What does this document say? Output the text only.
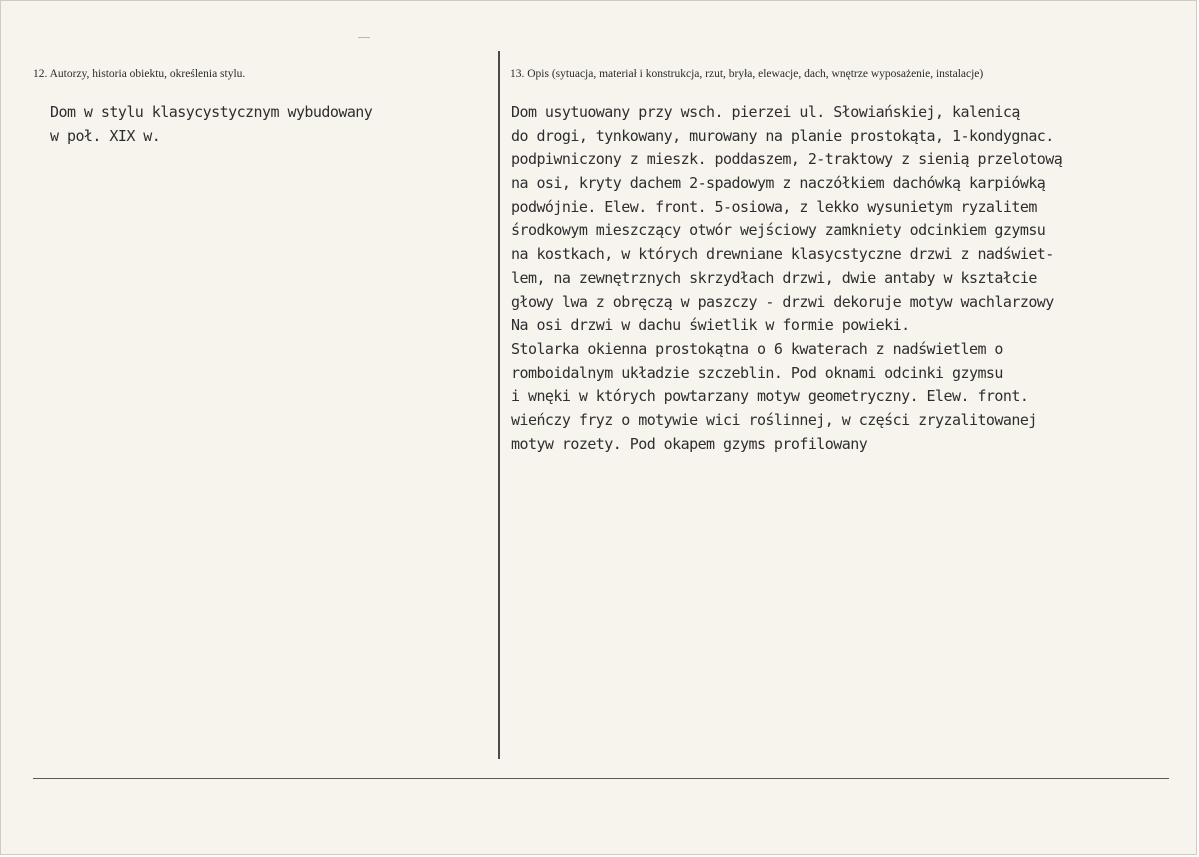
12. Autorzy, historia obiektu, określenia stylu.	13. Opis (sytuacja, materiał i konstrukcja, rzut, bryła, elewacje, dach, wnętrze wyposażenie, instalacje)
Dom w stylu klasycystycznym wybudowany
w poł. XIX w.
Dom usytuowany przy wsch. pierzei ul. Słowiańskiej, kalenicą
do drogi, tynkowany, murowany na planie prostokąta, 1-kondygnac.
podpiwniczony z mieszk. poddaszem, 2-traktowy z sienią przelotową
na osi, kryty dachem 2-spadowym z naczółkiem dachówką karpiówką
podwójnie. Elew. front. 5-osiowa, z lekko wysunietym ryzalitem
środkowym mieszczący otwór wejściowy zamkniety odcinkiem gzymsu
na kostkach, w których drewniane klasycstyczne drzwi z nadświet-
lem, na zewnętrznych skrzydłach drzwi, dwie antaby w kształcie
głowy lwa z obręczą w paszczy - drzwi dekoruje motyw wachlarzowy
Na osi drzwi w dachu świetlik w formie powieki.
Stolarka okienna prostokątna o 6 kwaterach z nadświetlem o
romboidalnym układzie szczeblin. Pod oknami odcinki gzymsu
i wnęki w których powtarzany motyw geometryczny. Elew. front.
wieńczy fryz o motywie wici roślinnej, w części zryzalitowanej
motyw rozety. Pod okapem gzyms profilowany
